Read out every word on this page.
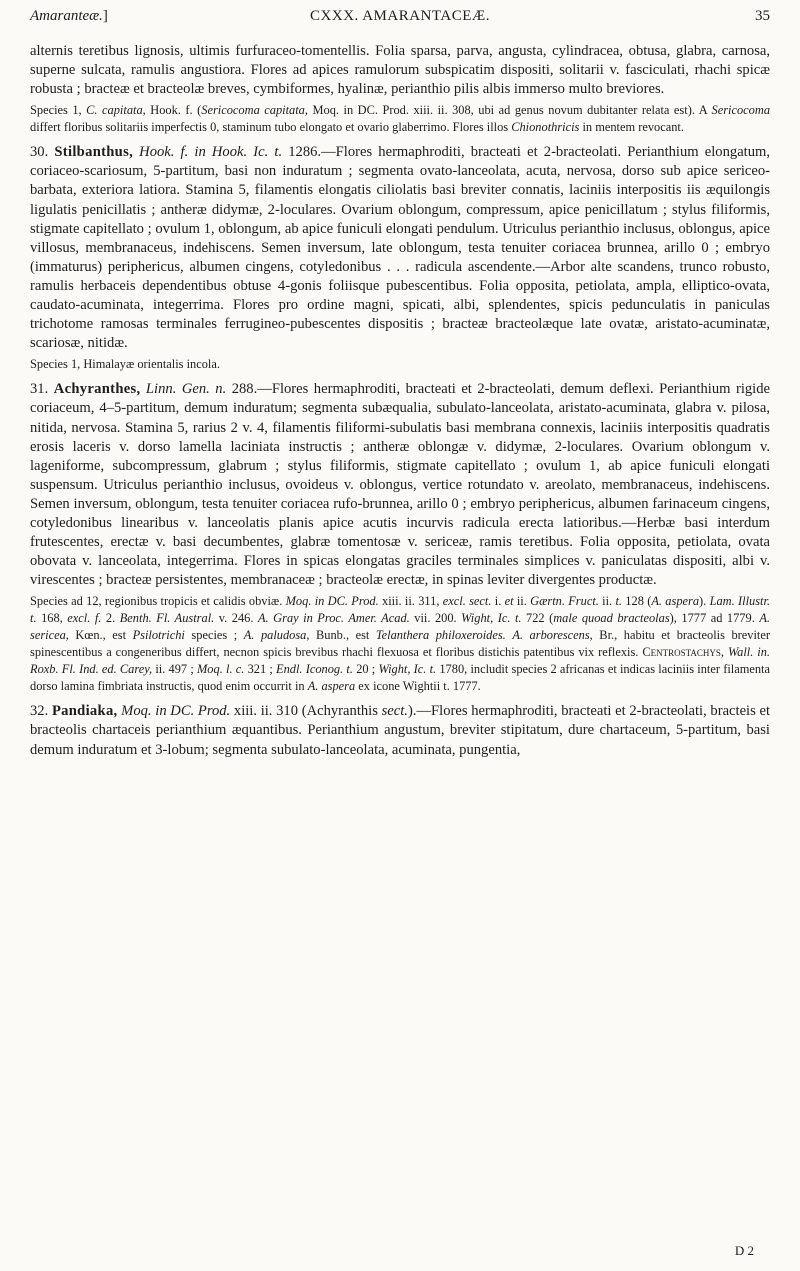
Amaranteæ.]	CXXX. AMARANTACEÆ.	35

alternis teretibus lignosis, ultimis furfuraceo-tomentellis. Folia sparsa, parva, angusta, cylindracea, obtusa, glabra, carnosa, superne sulcata, ramulis angustiora. Flores ad apices ramulorum subspicatim dispositi, solitarii v. fasciculati, rhachi spicæ robusta ; bracteæ et bracteolæ breves, cymbiformes, hyalinæ, perianthio pilis albis immerso multo breviores.

Species 1, C. capitata, Hook. f. (Sericocoma capitata, Moq. in DC. Prod. xiii. ii. 308, ubi ad genus novum dubitanter relata est). A Sericocoma differt floribus solitariis imperfectis 0, staminum tubo elongato et ovario glaberrimo. Flores illos Chionothricis in mentem revocant.

30. Stilbanthus, Hook. f. in Hook. Ic. t. 1286.—Flores hermaphroditi, bracteati et 2-bracteolati. Perianthium elongatum, coriaceo-scariosum, 5-partitum, basi non induratum ; segmenta ovato-lanceolata, acuta, nervosa, dorso sub apice sericeo-barbata, exteriora latiora. Stamina 5, filamentis elongatis ciliolatis basi breviter connatis, laciniis interpositis iis æquilongis ligulatis penicillatis ; antheræ didymæ, 2-loculares. Ovarium oblongum, compressum, apice penicillatum ; stylus filiformis, stigmate capitellato ; ovulum 1, oblongum, ab apice funiculi elongati pendulum. Utriculus perianthio inclusus, oblongus, apice villosus, membranaceus, indehiscens. Semen inversum, late oblongum, testa tenuiter coriacea brunnea, arillo 0 ; embryo (immaturus) periphericus, albumen cingens, cotyledonibus . . . radicula ascendente.—Arbor alte scandens, trunco robusto, ramulis herbaceis dependentibus obtuse 4-gonis foliisque pubescentibus. Folia opposita, petiolata, ampla, elliptico-ovata, caudato-acuminata, integerrima. Flores pro ordine magni, spicati, albi, splendentes, spicis pedunculatis in paniculas trichotome ramosas terminales ferrugineo-pubescentes dispositis ; bracteæ bracteolæque late ovatæ, aristato-acuminatæ, scariosæ, nitidæ.

Species 1, Himalayæ orientalis incola.

31. Achyranthes, Linn. Gen. n. 288.—Flores hermaphroditi, bracteati et 2-bracteolati, demum deflexi. Perianthium rigide coriaceum, 4–5-partitum, demum induratum; segmenta subæqualia, subulato-lanceolata, aristato-acuminata, glabra v. pilosa, nitida, nervosa. Stamina 5, rarius 2 v. 4, filamentis filiformi-subulatis basi membrana connexis, laciniis interpositis quadratis erosis laceris v. dorso lamella laciniata instructis ; antheræ oblongæ v. didymæ, 2-loculares. Ovarium oblongum v. lageniforme, subcompressum, glabrum ; stylus filiformis, stigmate capitellato ; ovulum 1, ab apice funiculi elongati suspensum. Utriculus perianthio inclusus, ovoideus v. oblongus, vertice rotundato v. areolato, membranaceus, indehiscens. Semen inversum, oblongum, testa tenuiter coriacea rufo-brunnea, arillo 0 ; embryo periphericus, albumen farinaceum cingens, cotyledonibus linearibus v. lanceolatis planis apice acutis incurvis radicula erecta latioribus.—Herbæ basi interdum frutescentes, erectæ v. basi decumbentes, glabræ tomentosæ v. sericeæ, ramis teretibus. Folia opposita, petiolata, ovata obovata v. lanceolata, integerrima. Flores in spicas elongatas graciles terminales simplices v. paniculatas dispositi, albi v. virescentes ; bracteæ persistentes, membranaceæ ; bracteolæ erectæ, in spinas leviter divergentes productæ.

Species ad 12, regionibus tropicis et calidis obviæ. Moq. in DC. Prod. xiii. ii. 311, excl. sect. i. et ii. Gærtn. Fruct. ii. t. 128 (A. aspera). Lam. Illustr. t. 168, excl. f. 2. Benth. Fl. Austral. v. 246. A. Gray in Proc. Amer. Acad. vii. 200. Wight, Ic. t. 722 (male quoad bracteolas), 1777 ad 1779. A. sericea, Kœn., est Psilotrichi species ; A. paludosa, Bunb., est Telanthera philoxeroides. A. arborescens, Br., habitu et bracteolis breviter spinescentibus a congeneribus differt, necnon spicis brevibus rhachi flexuosa et floribus distichis patentibus vix reflexis. Centrostachys, Wall. in. Roxb. Fl. Ind. ed. Carey, ii. 497 ; Moq. l. c. 321 ; Endl. Iconog. t. 20 ; Wight, Ic. t. 1780, includit species 2 africanas et indicas laciniis inter filamenta dorso lamina fimbriata instructis, quod enim occurrit in A. aspera ex icone Wightii t. 1777.

32. Pandiaka, Moq. in DC. Prod. xiii. ii. 310 (Achyranthis sect.).—Flores hermaphroditi, bracteati et 2-bracteolati, bracteis et bracteolis chartaceis perianthium æquantibus. Perianthium angustum, breviter stipitatum, dure chartaceum, 5-partitum, basi demum induratum et 3-lobum; segmenta subulato-lanceolata, acuminata, pungentia,

D 2
